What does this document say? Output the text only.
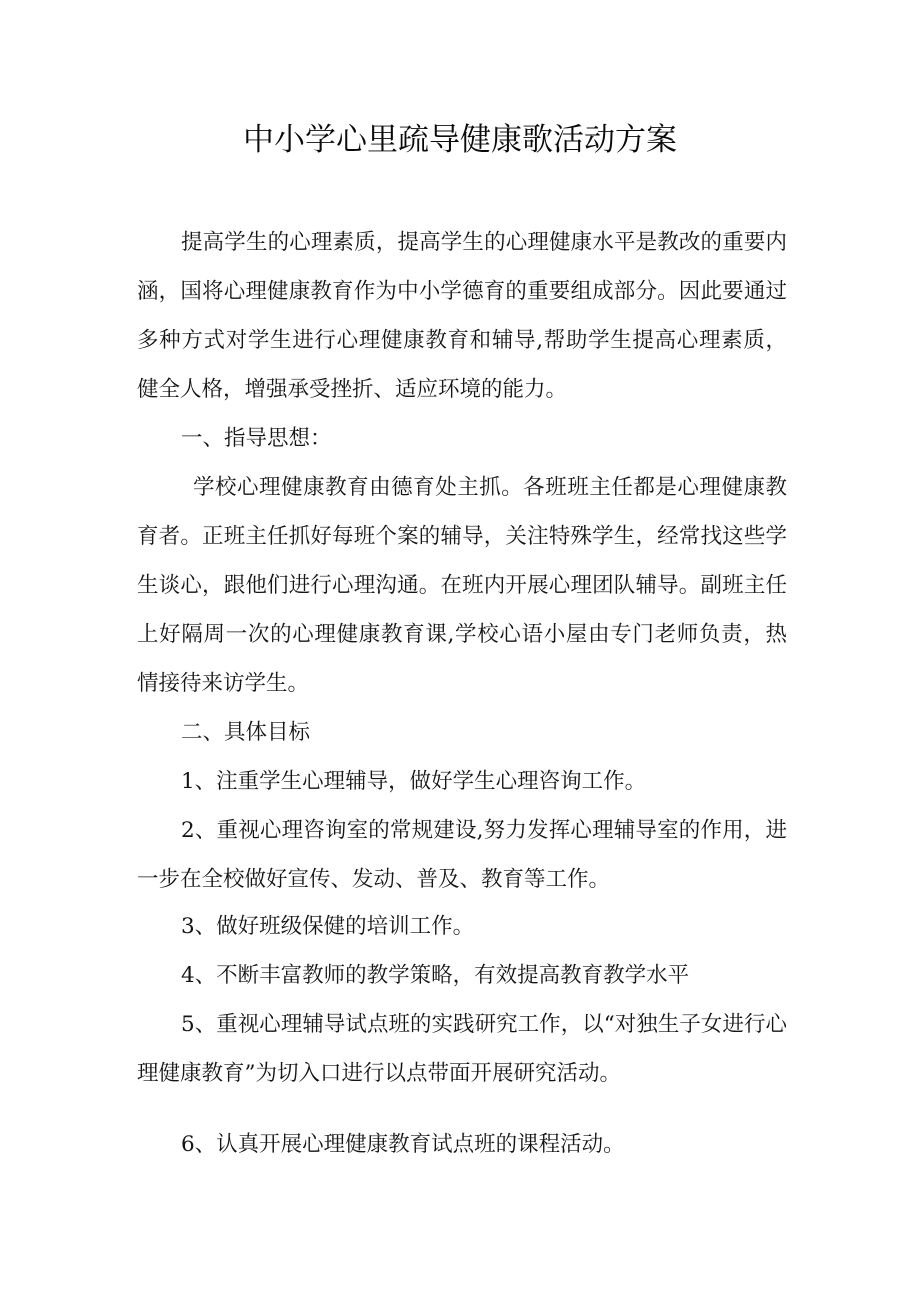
中小学心里疏导健康歌活动方案

提高学生的心理素质，提高学生的心理健康水平是教改的重要内涵，国将心理健康教育作为中小学德育的重要组成部分。因此要通过多种方式对学生进行心理健康教育和辅导,帮助学生提高心理素质，健全人格，增强承受挫折、适应环境的能力。

一、指导思想：

学校心理健康教育由德育处主抓。各班班主任都是心理健康教育者。正班主任抓好每班个案的辅导，关注特殊学生，经常找这些学生谈心，跟他们进行心理沟通。在班内开展心理团队辅导。副班主任上好隔周一次的心理健康教育课,学校心语小屋由专门老师负责，热情接待来访学生。

二、具体目标

1、注重学生心理辅导，做好学生心理咨询工作。

2、重视心理咨询室的常规建设,努力发挥心理辅导室的作用，进一步在全校做好宣传、发动、普及、教育等工作。

3、做好班级保健的培训工作。

4、不断丰富教师的教学策略，有效提高教育教学水平

5、重视心理辅导试点班的实践研究工作，以“对独生子女进行心理健康教育”为切入口进行以点带面开展研究活动。

6、认真开展心理健康教育试点班的课程活动。
